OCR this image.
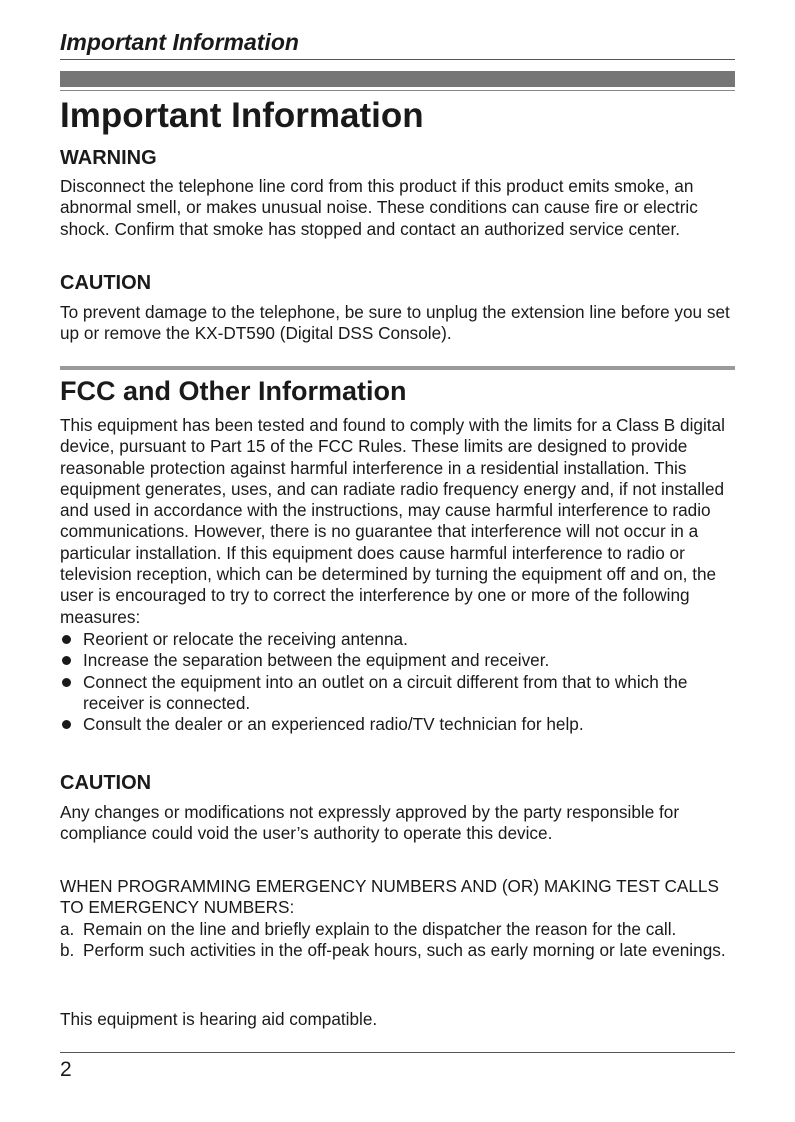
Important Information
Important Information
WARNING

Disconnect the telephone line cord from this product if this product emits smoke, an abnormal smell, or makes unusual noise. These conditions can cause fire or electric shock. Confirm that smoke has stopped and contact an authorized service center.

CAUTION

To prevent damage to the telephone, be sure to unplug the extension line before you set up or remove the KX-DT590 (Digital DSS Console).

FCC and Other Information

This equipment has been tested and found to comply with the limits for a Class B digital device, pursuant to Part 15 of the FCC Rules. These limits are designed to provide reasonable protection against harmful interference in a residential installation. This equipment generates, uses, and can radiate radio frequency energy and, if not installed and used in accordance with the instructions, may cause harmful interference to radio communications. However, there is no guarantee that interference will not occur in a particular installation. If this equipment does cause harmful interference to radio or television reception, which can be determined by turning the equipment off and on, the user is encouraged to try to correct the interference by one or more of the following measures:

Reorient or relocate the receiving antenna.
Increase the separation between the equipment and receiver.
Connect the equipment into an outlet on a circuit different from that to which the receiver is connected.
Consult the dealer or an experienced radio/TV technician for help.
CAUTION

Any changes or modifications not expressly approved by the party responsible for compliance could void the user’s authority to operate this device.

WHEN PROGRAMMING EMERGENCY NUMBERS AND (OR) MAKING TEST CALLS TO EMERGENCY NUMBERS:

a. Remain on the line and briefly explain to the dispatcher the reason for the call.
b. Perform such activities in the off-peak hours, such as early morning or late evenings.

This equipment is hearing aid compatible.

2
